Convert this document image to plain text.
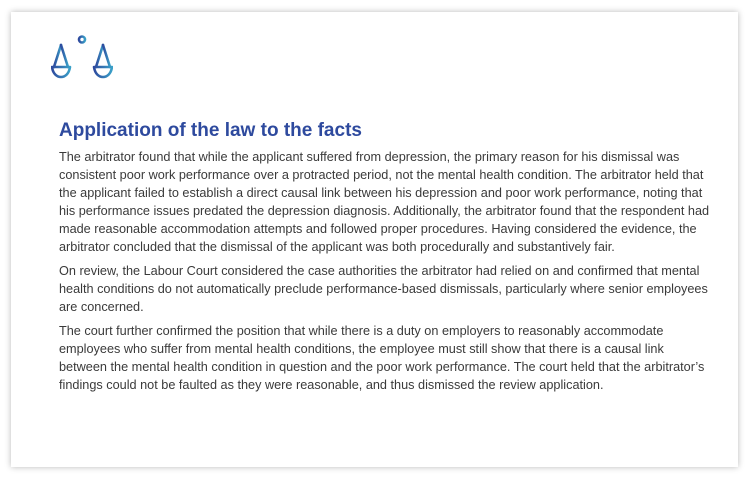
Application of the law to the facts

The arbitrator found that while the applicant suffered from depression, the primary reason for his dismissal was consistent poor work performance over a protracted period, not the mental health condition. The arbitrator held that the applicant failed to establish a direct causal link between his depression and poor work performance, noting that his performance issues predated the depression diagnosis. Additionally, the arbitrator found that the respondent had made reasonable accommodation attempts and followed proper procedures. Having considered the evidence, the arbitrator concluded that the dismissal of the applicant was both procedurally and substantively fair.

On review, the Labour Court considered the case authorities the arbitrator had relied on and confirmed that mental health conditions do not automatically preclude performance-based dismissals, particularly where senior employees are concerned.

The court further confirmed the position that while there is a duty on employers to reasonably accommodate employees who suffer from mental health conditions, the employee must still show that there is a causal link between the mental health condition in question and the poor work performance. The court held that the arbitrator’s findings could not be faulted as they were reasonable, and thus dismissed the review application.
